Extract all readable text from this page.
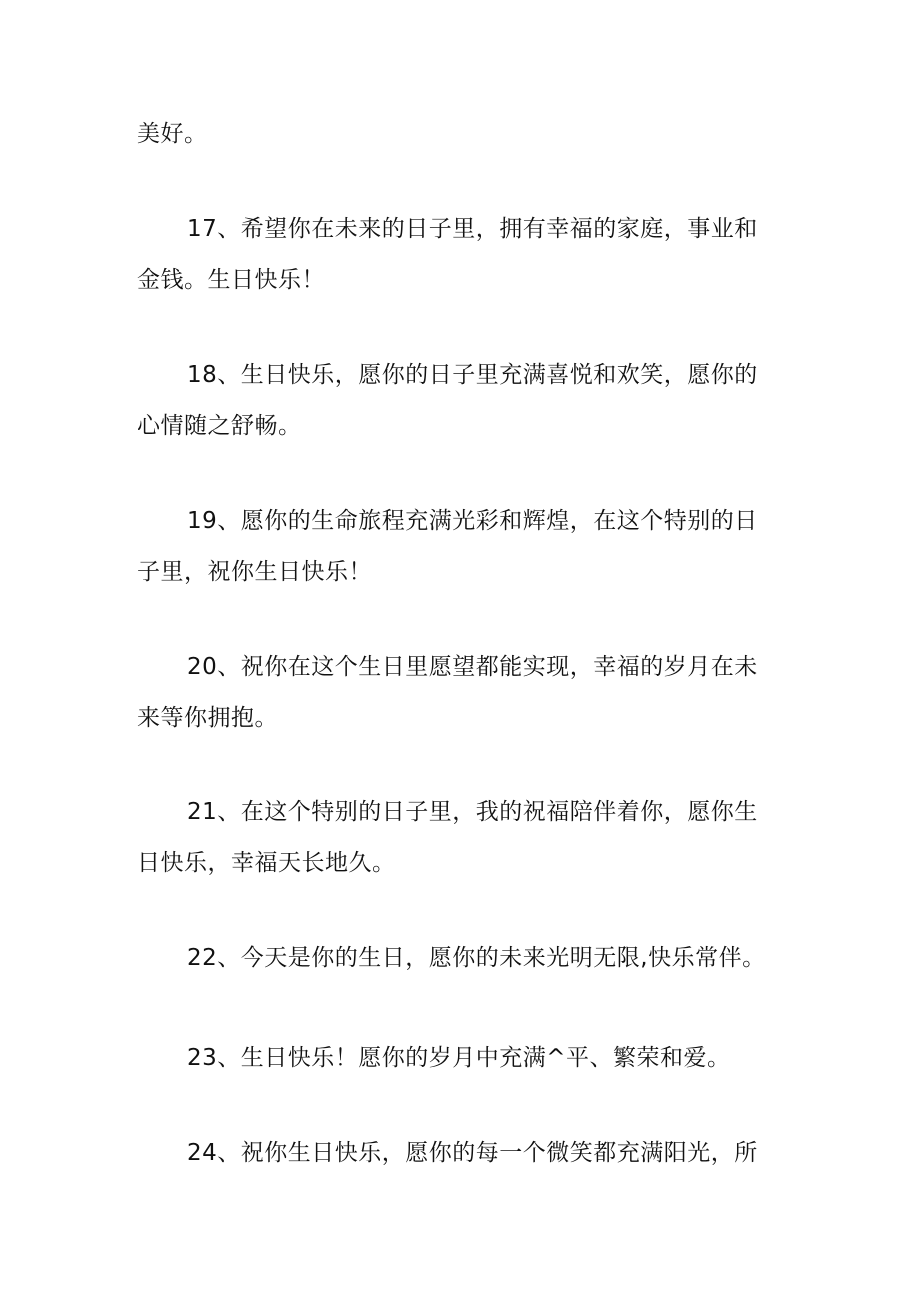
美好。
17、希望你在未来的日子里，拥有幸福的家庭，事业和
金钱。生日快乐！
18、生日快乐，愿你的日子里充满喜悦和欢笑，愿你的
心情随之舒畅。
19、愿你的生命旅程充满光彩和辉煌，在这个特别的日
子里，祝你生日快乐！
20、祝你在这个生日里愿望都能实现，幸福的岁月在未
来等你拥抱。
21、在这个特别的日子里，我的祝福陪伴着你，愿你生
日快乐，幸福天长地久。
22、今天是你的生日，愿你的未来光明无限,快乐常伴。
23、生日快乐！愿你的岁月中充满^平、繁荣和爱。
24、祝你生日快乐，愿你的每一个微笑都充满阳光，所
